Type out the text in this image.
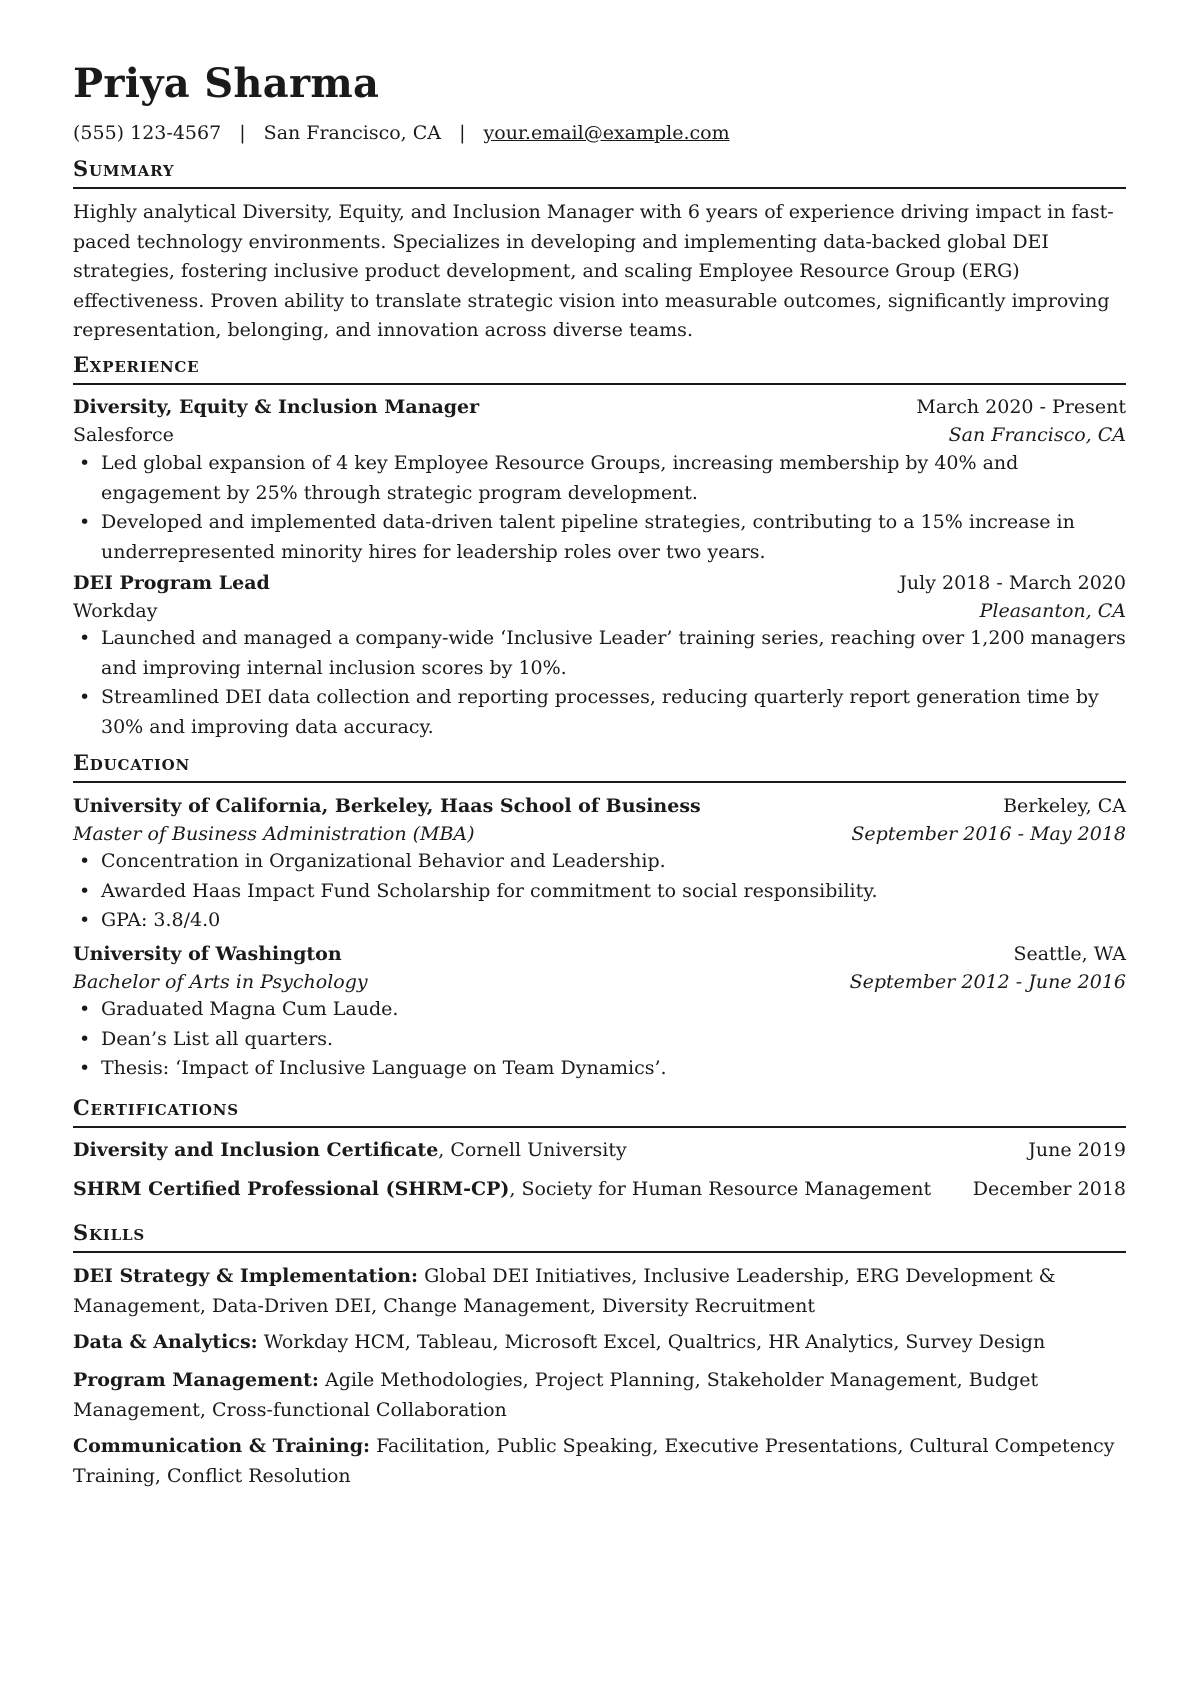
Priya Sharma
(555) 123-4567 | San Francisco, CA | your.email@example.com
Summary
Highly analytical Diversity, Equity, and Inclusion Manager with 6 years of experience driving impact in fast-paced technology environments. Specializes in developing and implementing data-backed global DEI strategies, fostering inclusive product development, and scaling Employee Resource Group (ERG) effectiveness. Proven ability to translate strategic vision into measurable outcomes, significantly improving representation, belonging, and innovation across diverse teams.
Experience
Diversity, Equity & Inclusion Manager	March 2020 - Present
Salesforce	San Francisco, CA
• Led global expansion of 4 key Employee Resource Groups, increasing membership by 40% and engagement by 25% through strategic program development.
• Developed and implemented data-driven talent pipeline strategies, contributing to a 15% increase in underrepresented minority hires for leadership roles over two years.
DEI Program Lead	July 2018 - March 2020
Workday	Pleasanton, CA
• Launched and managed a company-wide ‘Inclusive Leader’ training series, reaching over 1,200 managers and improving internal inclusion scores by 10%.
• Streamlined DEI data collection and reporting processes, reducing quarterly report generation time by 30% and improving data accuracy.
Education
University of California, Berkeley, Haas School of Business	Berkeley, CA
Master of Business Administration (MBA)	September 2016 - May 2018
• Concentration in Organizational Behavior and Leadership.
• Awarded Haas Impact Fund Scholarship for commitment to social responsibility.
• GPA: 3.8/4.0
University of Washington	Seattle, WA
Bachelor of Arts in Psychology	September 2012 - June 2016
• Graduated Magna Cum Laude.
• Dean’s List all quarters.
• Thesis: ‘Impact of Inclusive Language on Team Dynamics’.
Certifications
Diversity and Inclusion Certificate, Cornell University	June 2019
SHRM Certified Professional (SHRM-CP), Society for Human Resource Management December 2018
Skills
DEI Strategy & Implementation: Global DEI Initiatives, Inclusive Leadership, ERG Development & Management, Data-Driven DEI, Change Management, Diversity Recruitment
Data & Analytics: Workday HCM, Tableau, Microsoft Excel, Qualtrics, HR Analytics, Survey Design
Program Management: Agile Methodologies, Project Planning, Stakeholder Management, Budget Management, Cross-functional Collaboration
Communication & Training: Facilitation, Public Speaking, Executive Presentations, Cultural Competency Training, Conflict Resolution
